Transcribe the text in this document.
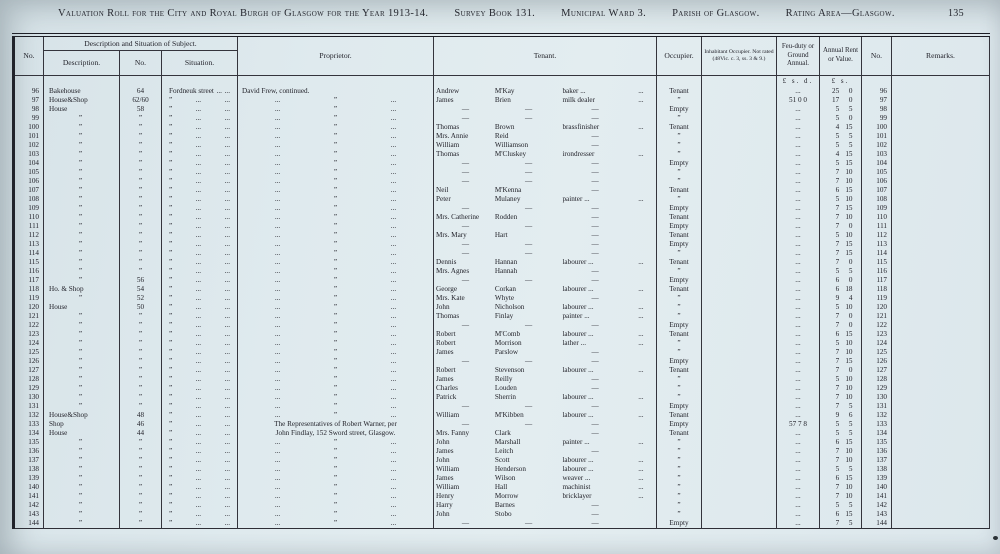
Valuation Roll for the City and Royal Burgh of Glasgow for the Year 1913-14. Survey Book 131. Municipal Ward 3. Parish of Glasgow. Rating Area—Glasgow.	135
No.	Description and Situation of Subject.			Proprietor.	Tenant.	Occupier.	Inhabitant Occupier. Not rated (48Vic. c. 3, ss. 3 & 9.)	Feu-duty or Ground Annual.	Annual Rent or Value.	No.	Remarks.
	Description.	No.	Situation.								
								£ s. d.	£ s.		
96	Bakehouse	64	Fordneuk street ... ...	David Frew, continued.	Andrew M'Kay baker ... ...	Tenant		...	25 0	96	
97	House&Shop	62/60	” ... ...	... ” ...	James Brien milk dealer ...	”		51 0 0	17 0	97	
98	House	58	” ... ...	... ” ...	— — —	Empty		...	5 5	98	
99	”	”	” ... ...	... ” ...	— — —	”		...	5 0	99	
100	”	”	” ... ...	... ” ...	Thomas Brown brassfinisher ...	Tenant		...	4 15	100	
101	”	”	” ... ...	... ” ...	Mrs. Annie Reid —	”		...	5 5	101	
102	”	”	” ... ...	... ” ...	William Williamson —	”		...	5 5	102	
103	”	”	” ... ...	... ” ...	Thomas M'Cluskey irondresser ...	”		...	4 15	103	
104	”	”	” ... ...	... ” ...	— — —	Empty		...	5 15	104	
105	”	”	” ... ...	... ” ...	— — —	”		...	7 10	105	
106	”	”	” ... ...	... ” ...	— — —	”		...	7 10	106	
107	”	”	” ... ...	... ” ...	Neil M'Kenna —	Tenant		...	6 15	107	
108	”	”	” ... ...	... ” ...	Peter Mulaney painter ... ...	”		...	5 10	108	
109	”	”	” ... ...	... ” ...	— — —	Empty		...	7 15	109	
110	”	”	” ... ...	... ” ...	Mrs. Catherine Rodden —	Tenant		...	7 10	110	
111	”	”	” ... ...	... ” ...	— — —	Empty		...	7 0	111	
112	”	”	” ... ...	... ” ...	Mrs. Mary Hart —	Tenant		...	5 10	112	
113	”	”	” ... ...	... ” ...	— — —	Empty		...	7 15	113	
114	”	”	” ... ...	... ” ...	— — —	”		...	7 15	114	
115	”	”	” ... ...	... ” ...	Dennis Hannan labourer ... ...	Tenant		...	7 0	115	
116	”	”	” ... ...	... ” ...	Mrs. Agnes Hannah —	”		...	5 5	116	
117	”	56	” ... ...	... ” ...	— — —	Empty		...	6 0	117	
118	Ho. & Shop	54	” ... ...	... ” ...	George Corkan labourer ... ...	Tenant		...	6 18	118	
119	”	52	” ... ...	... ” ...	Mrs. Kate Whyte —	”		...	9 4	119	
120	House	50	” ... ...	... ” ...	John Nicholson labourer ... ...	”		...	5 10	120	
121	”	”	” ... ...	... ” ...	Thomas Finlay painter ... ...	”		...	7 0	121	
122	”	”	” ... ...	... ” ...	— — —	Empty		...	7 0	122	
123	”	”	” ... ...	... ” ...	Robert M'Comb labourer ... ...	Tenant		...	6 15	123	
124	”	”	” ... ...	... ” ...	Robert Morrison lather ... ...	”		...	5 10	124	
125	”	”	” ... ...	... ” ...	James Parslow —	”		...	7 10	125	
126	”	”	” ... ...	... ” ...	— — —	Empty		...	7 15	126	
127	”	”	” ... ...	... ” ...	Robert Stevenson labourer ... ...	Tenant		...	7 0	127	
128	”	”	” ... ...	... ” ...	James Reilly —	”		...	5 10	128	
129	”	”	” ... ...	... ” ...	Charles Louden —	”		...	7 10	129	
130	”	”	” ... ...	... ” ...	Patrick Sherrin labourer ... ...	”		...	7 10	130	
131	”	”	” ... ...	... ” ...	— — —	Empty		...	7 5	131	
132	House&Shop	48	” ... ...	... ” ...	William M'Kibben labourer ... ...	Tenant		...	9 6	132	
133	Shop	46	” ... ...	The Representatives of Robert Warner, per	— — —	Empty		57 7 8	5 5	133	
134	House	44	” ... ...	John Findlay, 152 Sword street, Glasgow.	Mrs. Fanny Clark —	Tenant		...	5 5	134	
135	”	”	” ... ...	... ” ...	John Marshall painter ... ...	”		...	6 15	135	
136	”	”	” ... ...	... ” ...	James Leitch —	”		...	7 10	136	
137	”	”	” ... ...	... ” ...	John Scott labourer ... ...	”		...	7 10	137	
138	”	”	” ... ...	... ” ...	William Henderson labourer ... ...	”		...	5 5	138	
139	”	”	” ... ...	... ” ...	James Wilson weaver ... ...	”		...	6 15	139	
140	”	”	” ... ...	... ” ...	William Hall machinist ...	”		...	7 10	140	
141	”	”	” ... ...	... ” ...	Henry Morrow bricklayer ...	”		...	7 10	141	
142	”	”	” ... ...	... ” ...	Harry Barnes —	”		...	5 5	142	
143	”	”	” ... ...	... ” ...	John Stobo —	”		...	6 15	143	
144	”	”	” ... ...	... ” ...	— — —	Empty		...	7 5	144	
